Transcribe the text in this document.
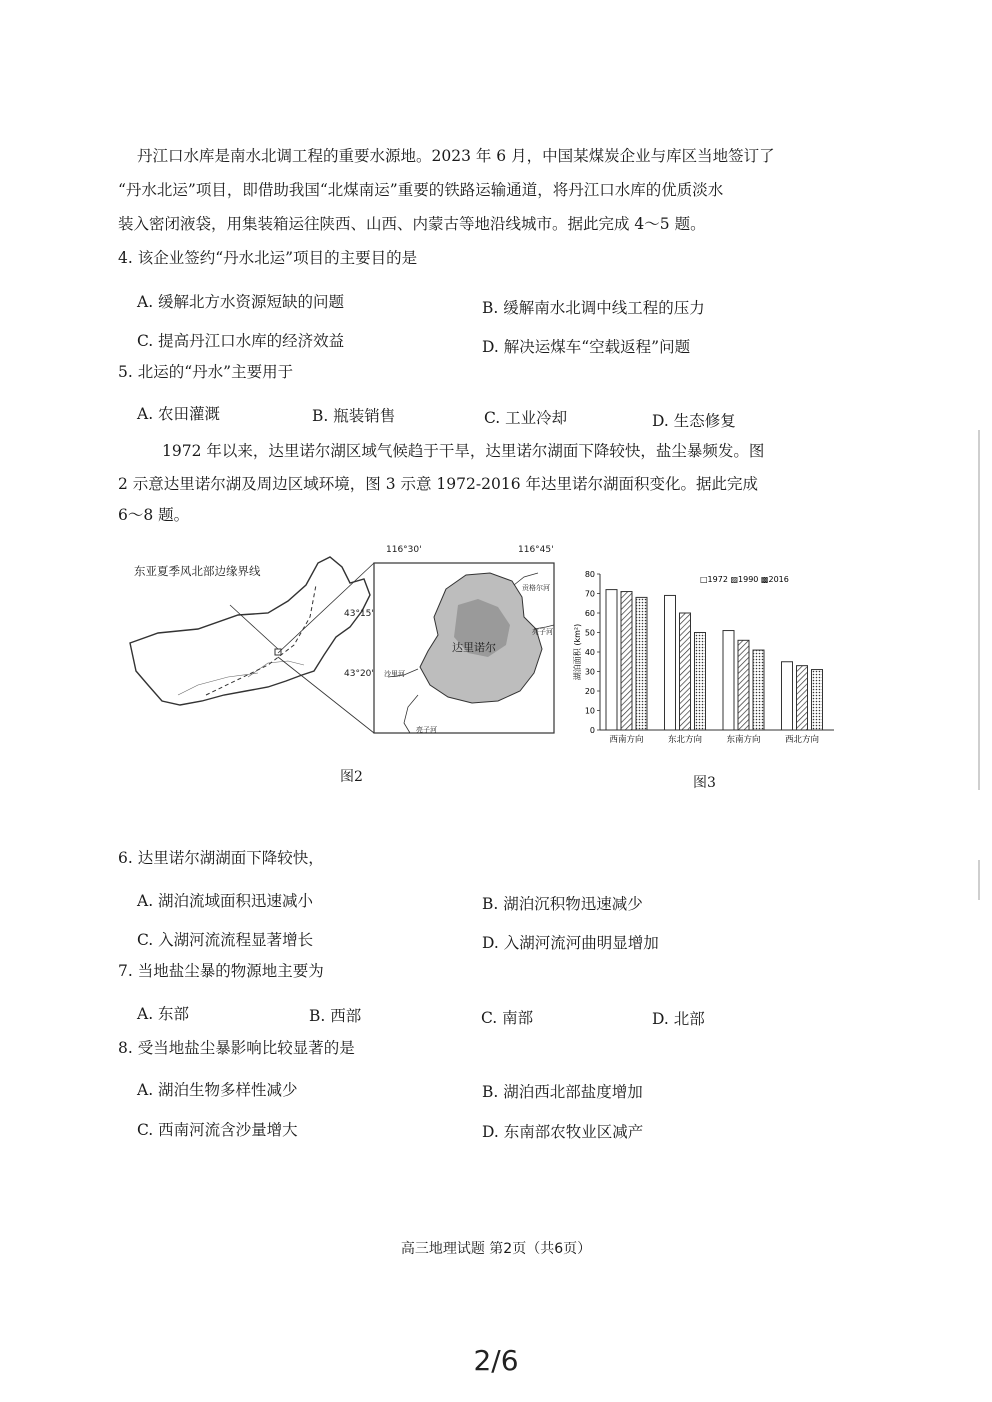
丹江口水库是南水北调工程的重要水源地。2023 年 6 月，中国某煤炭企业与库区当地签订了
“丹水北运”项目，即借助我国“北煤南运”重要的铁路运输通道，将丹江口水库的优质淡水
装入密闭液袋，用集装箱运往陕西、山西、内蒙古等地沿线城市。据此完成 4～5 题。
4. 该企业签约“丹水北运”项目的主要目的是
A. 缓解北方水资源短缺的问题	B. 缓解南水北调中线工程的压力
C. 提高丹江口水库的经济效益	D. 解决运煤车“空载返程”问题
5. 北运的“丹水”主要用于
A. 农田灌溉	B. 瓶装销售	C. 工业冷却	D. 生态修复
1972 年以来，达里诺尔湖区域气候趋于干旱，达里诺尔湖面下降较快，盐尘暴频发。图
2 示意达里诺尔湖及周边区域环境，图 3 示意 1972-2016 年达里诺尔湖面积变化。据此完成
6～8 题。
东亚夏季风北部边缘界线
116°30'	116°45'
43°15'
43°20'
达里诺尔
贡格尔河
亮子河
沙里河
亮子河
图2
0
10
20
30
40
50
60
70
80
湖泊面积 (km²)
□1972 ▨1990 ▩2016
西南方向	东北方向	东南方向	西北方向
图3
6. 达里诺尔湖湖面下降较快，
A. 湖泊流域面积迅速减小	B. 湖泊沉积物迅速减少
C. 入湖河流流程显著增长	D. 入湖河流河曲明显增加
7. 当地盐尘暴的物源地主要为
A. 东部	B. 西部	C. 南部	D. 北部
8. 受当地盐尘暴影响比较显著的是
A. 湖泊生物多样性减少	B. 湖泊西北部盐度增加
C. 西南河流含沙量增大	D. 东南部农牧业区减产
高三地理试题 第2页（共6页）
2/6
